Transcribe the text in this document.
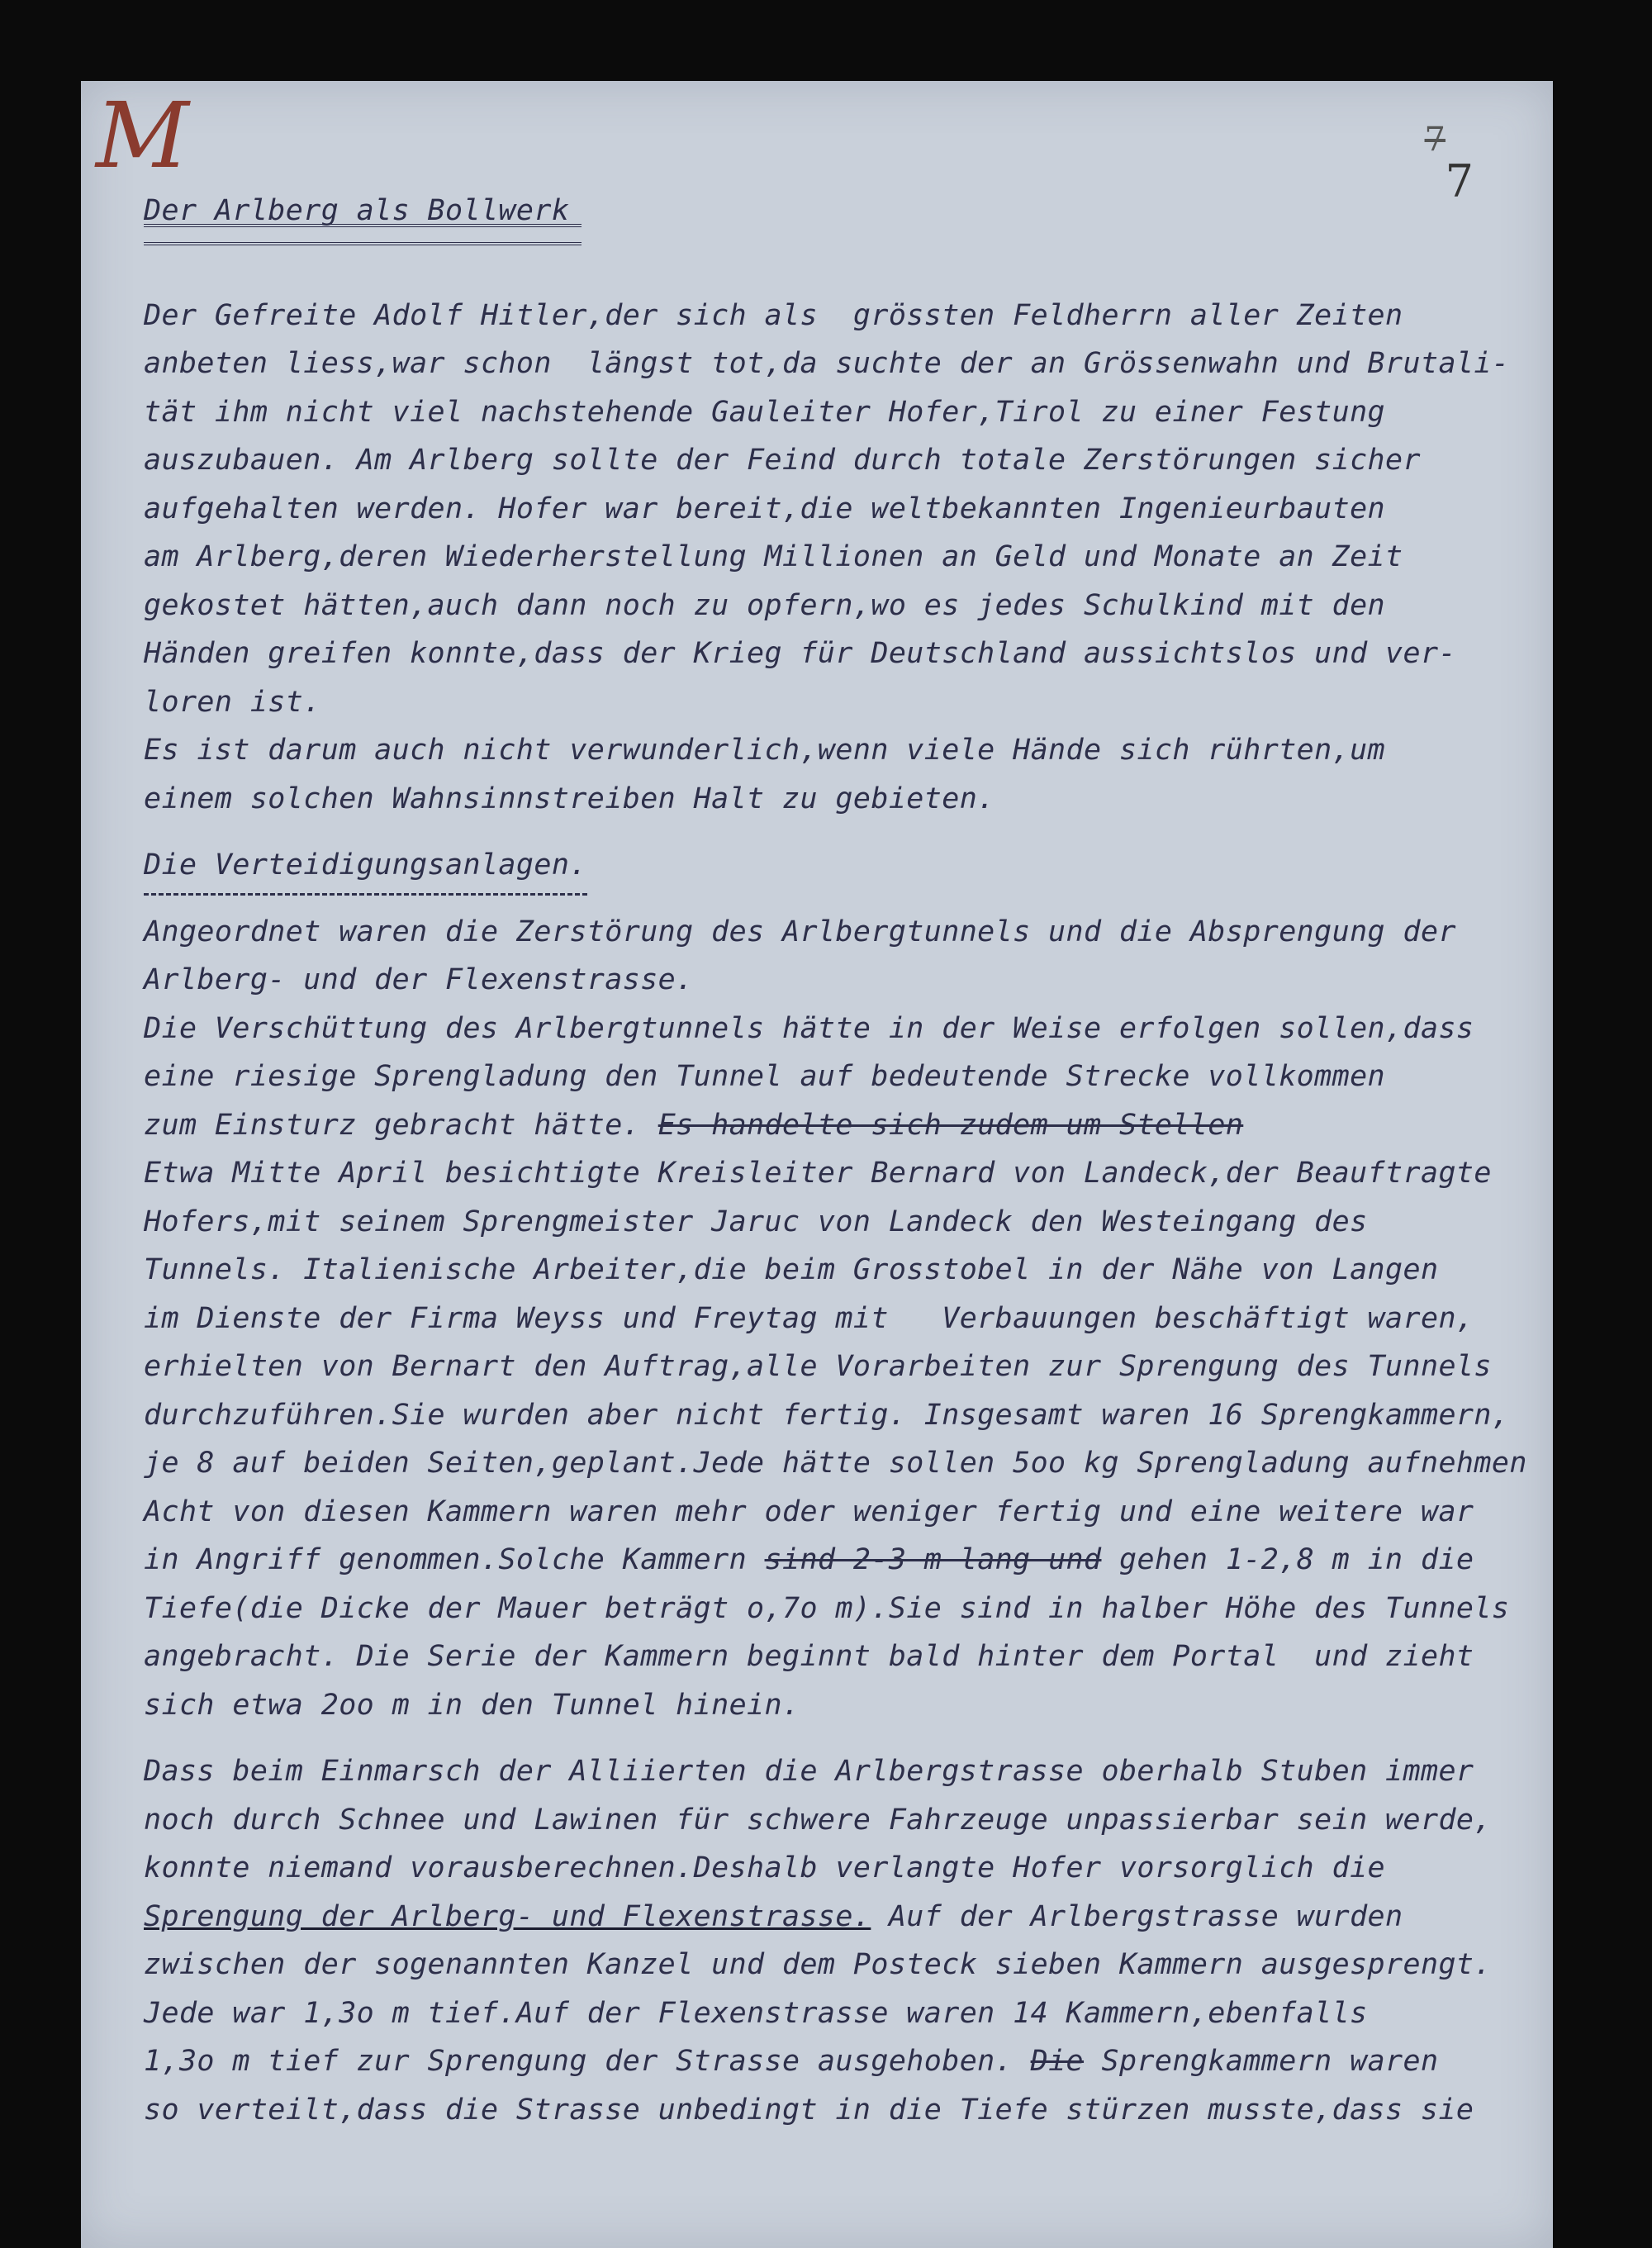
M	7
7

Der Arlberg als Bollwerk

Der Gefreite Adolf Hitler,der sich als  grössten Feldherrn aller Zeiten

anbeten liess,war schon  längst tot,da suchte der an Grössenwahn und Brutali-

tät ihm nicht viel nachstehende Gauleiter Hofer,Tirol zu einer Festung

auszubauen. Am Arlberg sollte der Feind durch totale Zerstörungen sicher

aufgehalten werden. Hofer war bereit,die weltbekannten Ingenieurbauten

am Arlberg,deren Wiederherstellung Millionen an Geld und Monate an Zeit

gekostet hätten,auch dann noch zu opfern,wo es jedes Schulkind mit den

Händen greifen konnte,dass der Krieg für Deutschland aussichtslos und ver-

loren ist.

Es ist darum auch nicht verwunderlich,wenn viele Hände sich rührten,um

einem solchen Wahnsinnstreiben Halt zu gebieten.

Die Verteidigungsanlagen.

Angeordnet waren die Zerstörung des Arlbergtunnels und die Absprengung der

Arlberg- und der Flexenstrasse.

Die Verschüttung des Arlbergtunnels hätte in der Weise erfolgen sollen,dass

eine riesige Sprengladung den Tunnel auf bedeutende Strecke vollkommen

zum Einsturz gebracht hätte. Es handelte sich zudem um Stellen

Etwa Mitte April besichtigte Kreisleiter Bernard von Landeck,der Beauftragte

Hofers,mit seinem Sprengmeister Jaruc von Landeck den Westeingang des

Tunnels. Italienische Arbeiter,die beim Grosstobel in der Nähe von Langen

im Dienste der Firma Weyss und Freytag mit   Verbauungen beschäftigt waren,

erhielten von Bernart den Auftrag,alle Vorarbeiten zur Sprengung des Tunnels

durchzuführen.Sie wurden aber nicht fertig. Insgesamt waren 16 Sprengkammern,

je 8 auf beiden Seiten,geplant.Jede hätte sollen 5oo kg Sprengladung aufnehmen

Acht von diesen Kammern waren mehr oder weniger fertig und eine weitere war

in Angriff genommen.Solche Kammern sind 2-3 m lang und gehen 1-2,8 m in die

Tiefe(die Dicke der Mauer beträgt o,7o m).Sie sind in halber Höhe des Tunnels

angebracht. Die Serie der Kammern beginnt bald hinter dem Portal  und zieht

sich etwa 2oo m in den Tunnel hinein.

Dass beim Einmarsch der Alliierten die Arlbergstrasse oberhalb Stuben immer

noch durch Schnee und Lawinen für schwere Fahrzeuge unpassierbar sein werde,

konnte niemand vorausberechnen.Deshalb verlangte Hofer vorsorglich die

Sprengung der Arlberg- und Flexenstrasse. Auf der Arlbergstrasse wurden

zwischen der sogenannten Kanzel und dem Posteck sieben Kammern ausgesprengt.

Jede war 1,3o m tief.Auf der Flexenstrasse waren 14 Kammern,ebenfalls

1,3o m tief zur Sprengung der Strasse ausgehoben. Die Sprengkammern waren

so verteilt,dass die Strasse unbedingt in die Tiefe stürzen musste,dass sie
